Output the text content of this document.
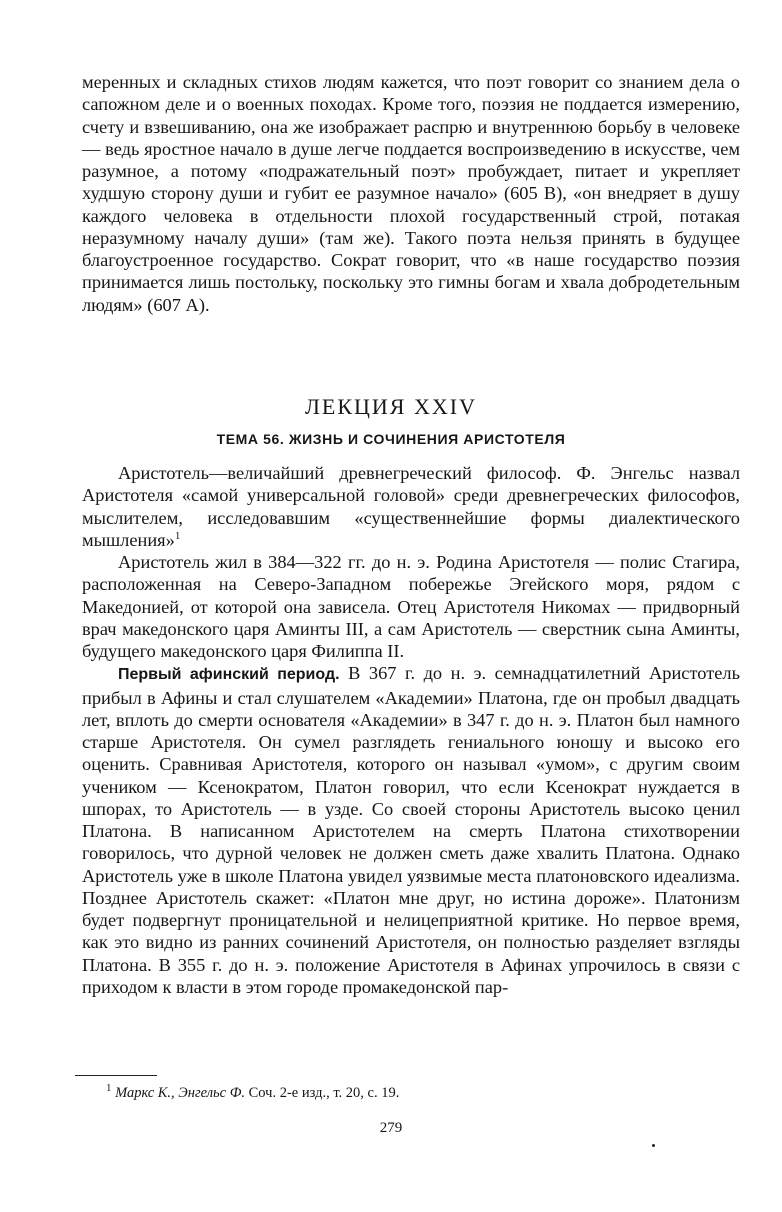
меренных и складных стихов людям кажется, что поэт говорит со знанием дела о сапожном деле и о военных походах. Кроме того, поэзия не поддается измерению, счету и взвешиванию, она же изображает распрю и внутреннюю борьбу в человеке — ведь яростное начало в душе легче поддается воспроизведению в искусстве, чем разумное, а потому «подражательный поэт» пробуждает, питает и укрепляет худшую сторону души и губит ее разумное начало» (605 В), «он внедряет в душу каждого человека в отдельности плохой государственный строй, потакая неразумному началу души» (там же). Такого поэта нельзя принять в будущее благоустроенное государство. Сократ говорит, что «в наше государство поэзия принимается лишь постольку, поскольку это гимны богам и хвала добродетельным людям» (607 А).
ЛЕКЦИЯ XXIV
ТЕМА 56. ЖИЗНЬ И СОЧИНЕНИЯ АРИСТОТЕЛЯ
Аристотель—величайший древнегреческий философ. Ф. Энгельс назвал Аристотеля «самой универсальной головой» среди древнегреческих философов, мыслителем, исследовавшим «существеннейшие формы диалектического мышления»$^1$
Аристотель жил в 384—322 гг. до н. э. Родина Аристотеля — полис Стагира, расположенная на Северо-Западном побережье Эгейского моря, рядом с Македонией, от которой она зависела. Отец Аристотеля Никомах — придворный врач македонского царя Аминты III, а сам Аристотель — сверстник сына Аминты, будущего македонского царя Филиппа II.
Первый афинский период. В 367 г. до н. э. семнадцатилетний Аристотель прибыл в Афины и стал слушателем «Академии» Платона, где он пробыл двадцать лет, вплоть до смерти основателя «Академии» в 347 г. до н. э. Платон был намного старше Аристотеля. Он сумел разглядеть гениального юношу и высоко его оценить. Сравнивая Аристотеля, которого он называл «умом», с другим своим учеником — Ксенократом, Платон говорил, что если Ксенократ нуждается в шпорах, то Аристотель — в узде. Со своей стороны Аристотель высоко ценил Платона. В написанном Аристотелем на смерть Платона стихотворении говорилось, что дурной человек не должен сметь даже хвалить Платона. Однако Аристотель уже в школе Платона увидел уязвимые места платоновского идеализма. Позднее Аристотель скажет: «Платон мне друг, но истина дороже». Платонизм будет подвергнут проницательной и нелицеприятной критике. Но первое время, как это видно из ранних сочинений Аристотеля, он полностью разделяет взгляды Платона. В 355 г. до н. э. положение Аристотеля в Афинах упрочилось в связи с приходом к власти в этом городе промакедонской пар-
$^1$ Маркс К., Энгельс Ф. Соч. 2-е изд., т. 20, с. 19.
279
